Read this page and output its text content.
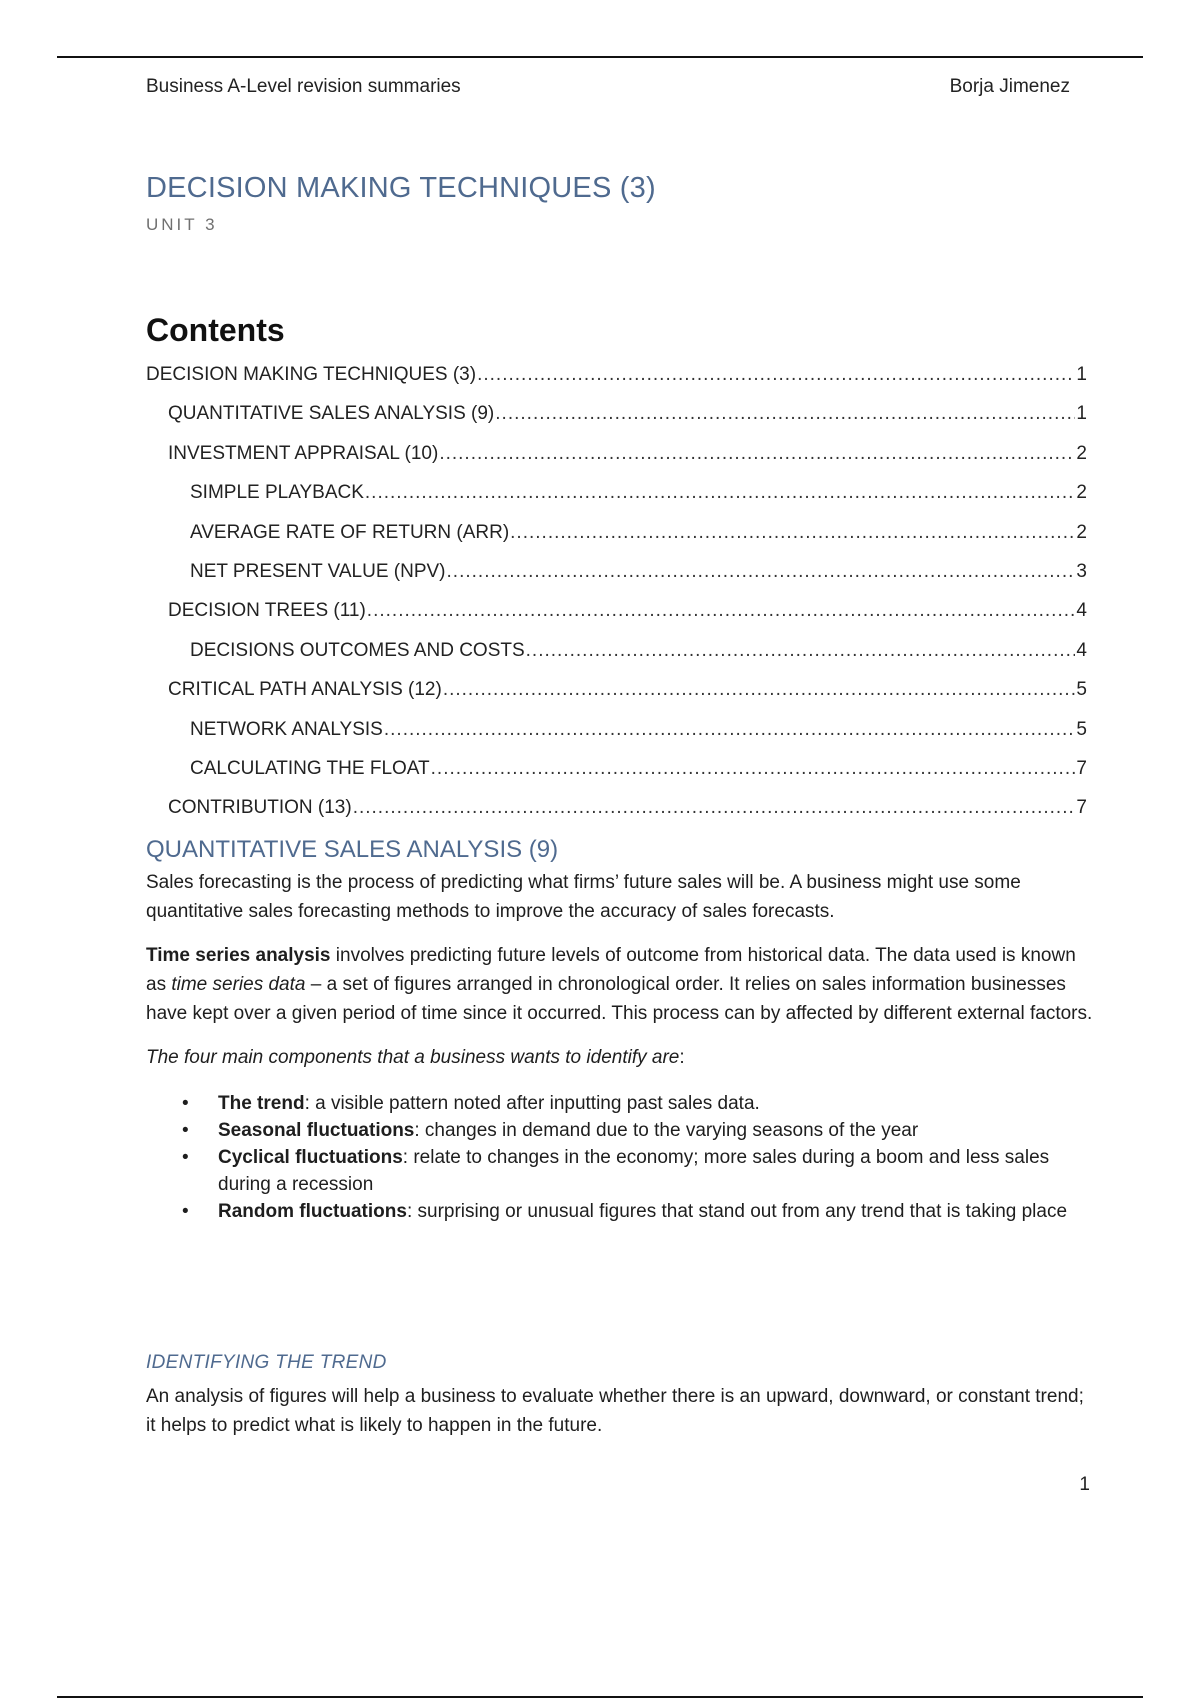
Business A-Level revision summaries	Borja Jimenez
DECISION MAKING TECHNIQUES (3)
UNIT 3
Contents
DECISION MAKING TECHNIQUES (3) .....	1
QUANTITATIVE SALES ANALYSIS (9) .....	1
INVESTMENT APPRAISAL (10) .....	2
SIMPLE PLAYBACK .....	2
AVERAGE RATE OF RETURN (ARR) .....	2
NET PRESENT VALUE (NPV) .....	3
DECISION TREES (11) .....	4
DECISIONS OUTCOMES AND COSTS .....	4
CRITICAL PATH ANALYSIS (12) .....	5
NETWORK ANALYSIS .....	5
CALCULATING THE FLOAT .....	7
CONTRIBUTION (13) .....	7
QUANTITATIVE SALES ANALYSIS (9)

Sales forecasting is the process of predicting what firms’ future sales will be. A business might use some quantitative sales forecasting methods to improve the accuracy of sales forecasts.

Time series analysis involves predicting future levels of outcome from historical data. The data used is known as time series data – a set of figures arranged in chronological order. It relies on sales information businesses have kept over a given period of time since it occurred. This process can by affected by different external factors.

The four main components that a business wants to identify are:

• The trend: a visible pattern noted after inputting past sales data.
• Seasonal fluctuations: changes in demand due to the varying seasons of the year
• Cyclical fluctuations: relate to changes in the economy; more sales during a boom and less sales during a recession
• Random fluctuations: surprising or unusual figures that stand out from any trend that is taking place
IDENTIFYING THE TREND

An analysis of figures will help a business to evaluate whether there is an upward, downward, or constant trend; it helps to predict what is likely to happen in the future.

1
